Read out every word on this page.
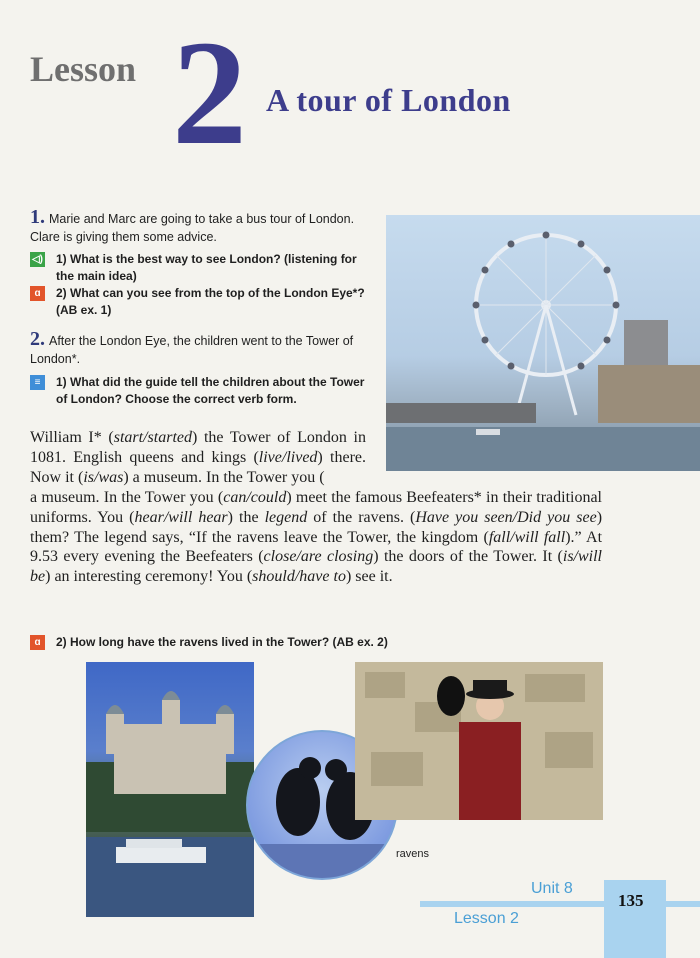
Lesson 2 A tour of London
1. Marie and Marc are going to take a bus tour of London. Clare is giving them some advice.
◁) 1) What is the best way to see London? (listening for the main idea)
ɑ	2) What can you see from the top of the London Eye*? (AB ex. 1)
2. After the London Eye, the children went to the Tower of London*.
≡	1) What did the guide tell the children about the Tower of London? Choose the correct verb form.
William I* (start/started) the Tower of London in 1081. English queens and kings (live/lived) there. Now it (is/was) a museum. In the Tower you (
a museum. In the Tower you (can/could) meet the famous Beefeaters* in their traditional uniforms. You (hear/will hear) the legend of the ravens. (Have you seen/Did you see) them? The legend says, “If the ravens leave the Tower, the kingdom (fall/will fall).” At 9.53 every evening the Beefeaters (close/are closing) the doors of the Tower. It (is/will be) an interesting ceremony! You (should/have to) see it.
ɑ	2) How long have the ravens lived in the Tower? (AB ex. 2)
ravens
Unit 8
Lesson 2
135
